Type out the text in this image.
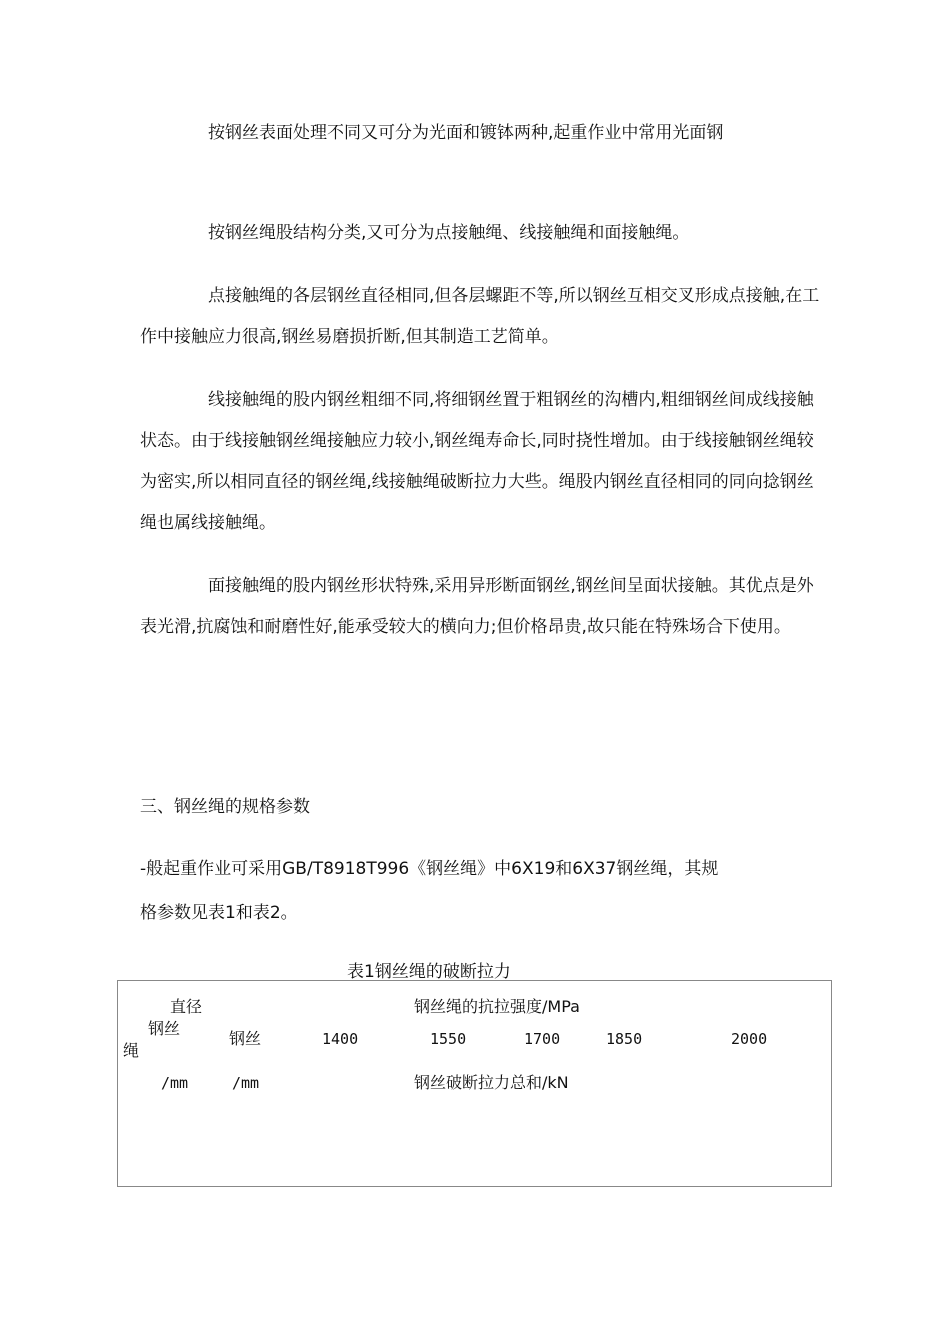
按钢丝表面处理不同又可分为光面和镀钵两种,起重作业中常用光面钢

按钢丝绳股结构分类,又可分为点接触绳、线接触绳和面接触绳。

点接触绳的各层钢丝直径相同,但各层螺距不等,所以钢丝互相交叉形成点接触,在工作中接触应力很高,钢丝易磨损折断,但其制造工艺简单。

线接触绳的股内钢丝粗细不同,将细钢丝置于粗钢丝的沟槽内,粗细钢丝间成线接触状态。由于线接触钢丝绳接触应力较小,钢丝绳寿命长,同时挠性增加。由于线接触钢丝绳较为密实,所以相同直径的钢丝绳,线接触绳破断拉力大些。绳股内钢丝直径相同的同向捻钢丝绳也属线接触绳。

面接触绳的股内钢丝形状特殊,采用异形断面钢丝,钢丝间呈面状接触。其优点是外表光滑,抗腐蚀和耐磨性好,能承受较大的横向力;但价格昂贵,故只能在特殊场合下使用。

三、钢丝绳的规格参数
-般起重作业可采用GB/T8918T996《钢丝绳》中6X19和6X37钢丝绳，其规
格参数见表1和表2。
表1钢丝绳的破断拉力
直径	钢丝绳的抗拉强度/MPa
钢丝
绳
钢丝	1400	1550	1700	1850	2000
/mm	/mm	钢丝破断拉力总和/kN
